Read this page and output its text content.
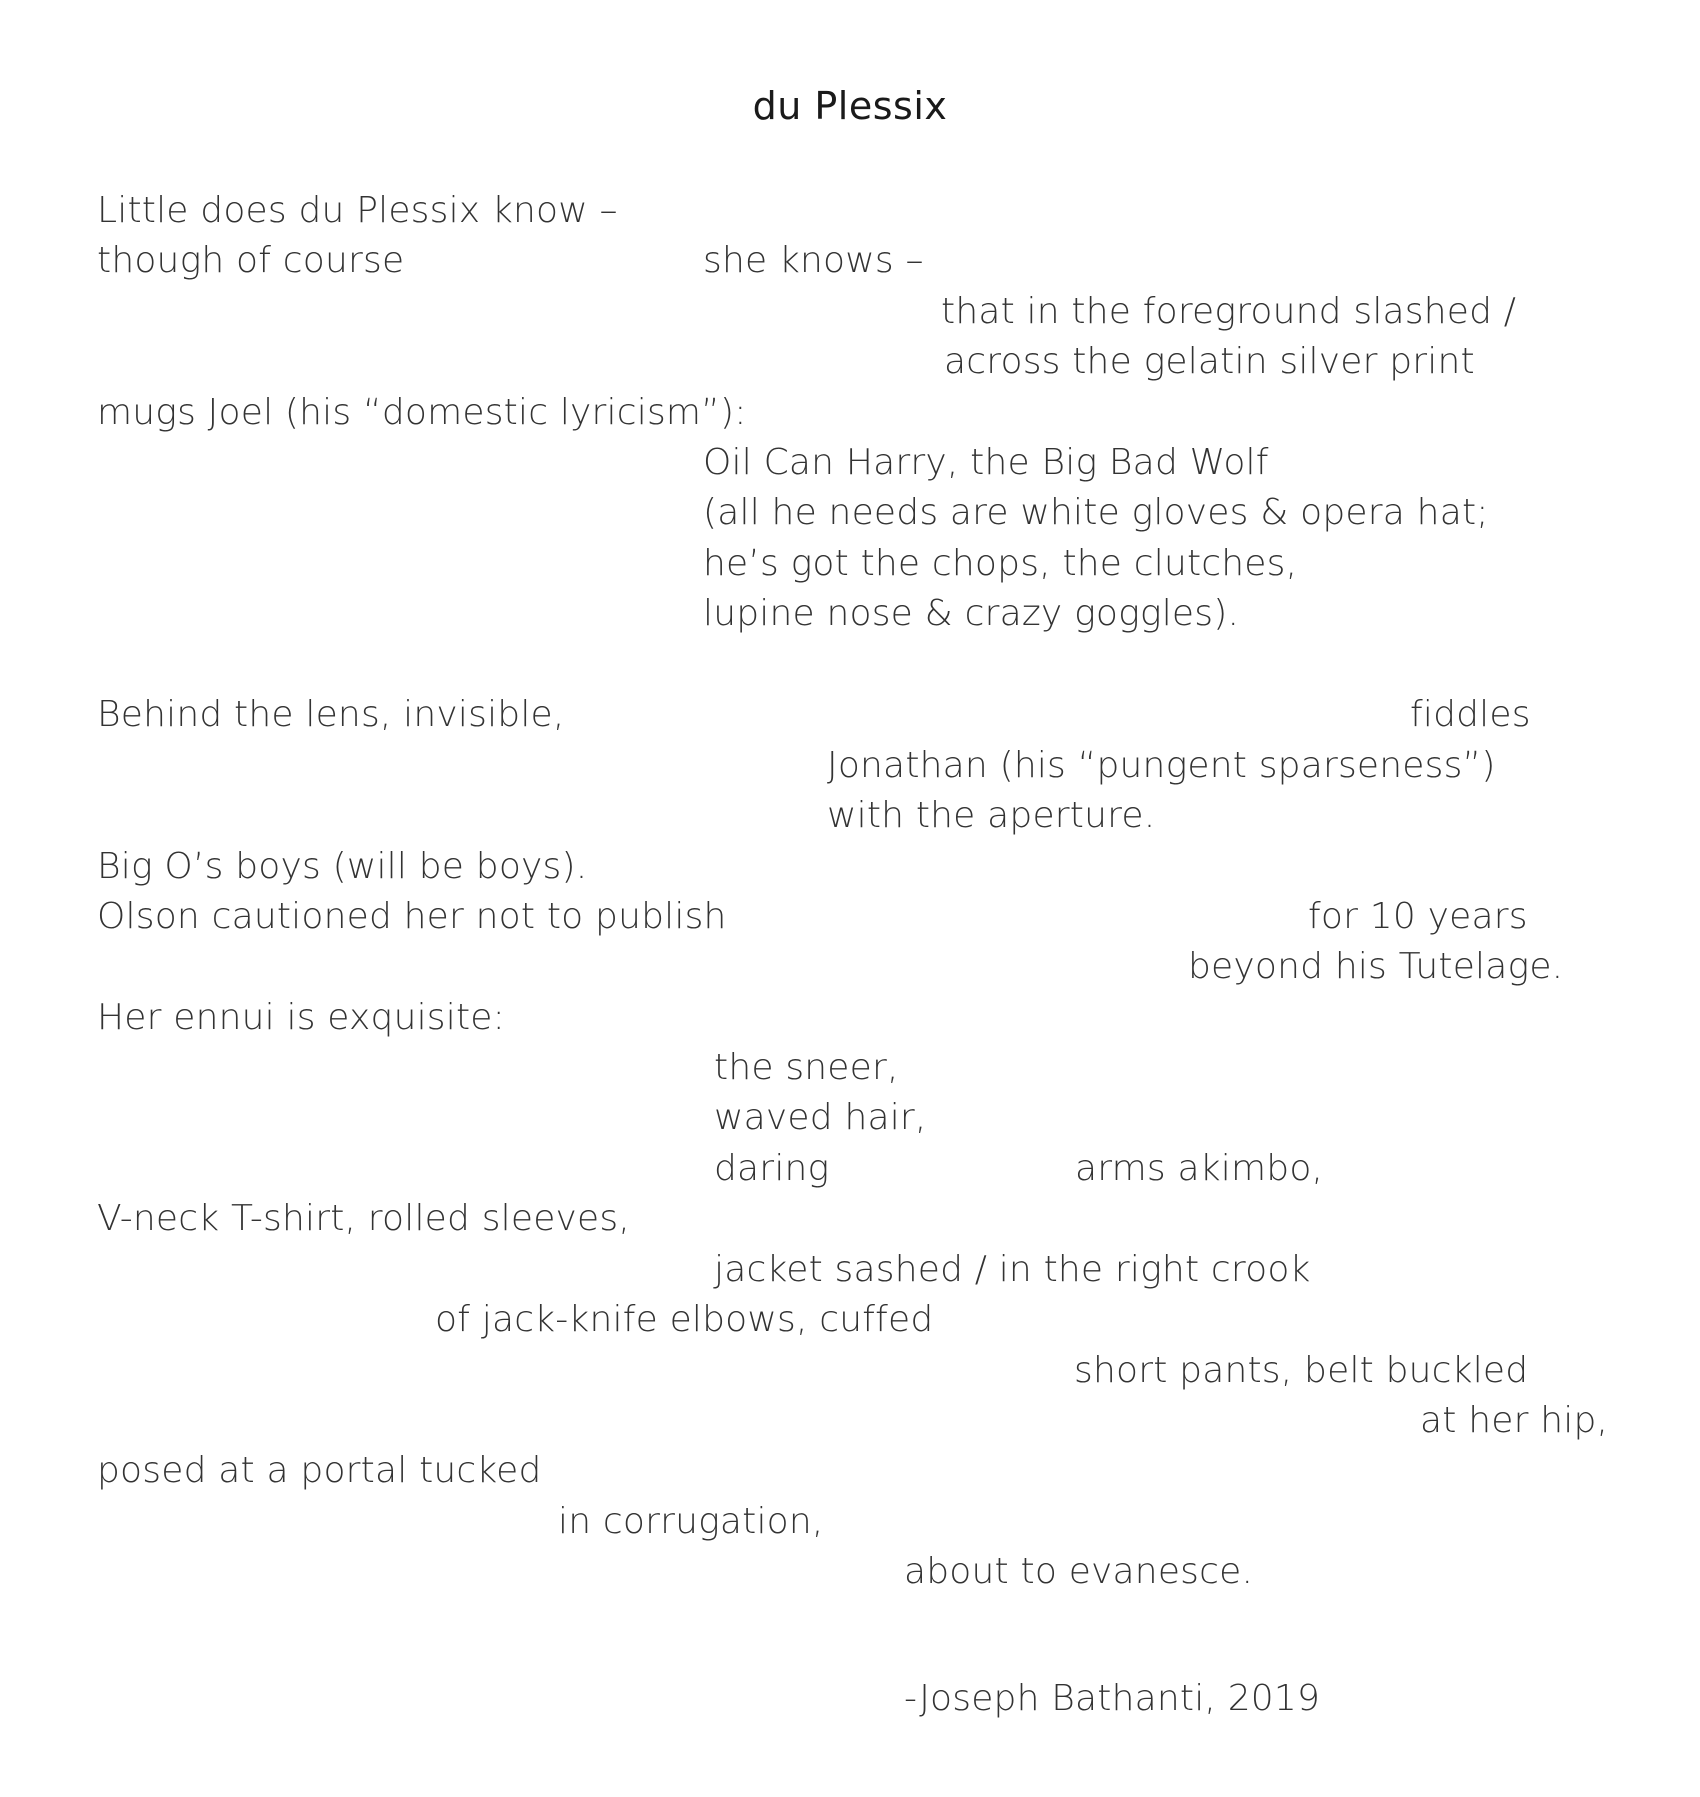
du Plessix
Little does du Plessix know –
though of course	she knows –
that in the foreground slashed /
across the gelatin silver print
mugs Joel (his “domestic lyricism”):
Oil Can Harry, the Big Bad Wolf
(all he needs are white gloves & opera hat;
he’s got the chops, the clutches,
lupine nose & crazy goggles).
Behind the lens, invisible,	fiddles
Jonathan (his “pungent sparseness”)
with the aperture.
Big O’s boys (will be boys).
Olson cautioned her not to publish	for 10 years
beyond his Tutelage.
Her ennui is exquisite:
the sneer,
waved hair,
daring	arms akimbo,
V-neck T-shirt, rolled sleeves,
jacket sashed / in the right crook
of jack-knife elbows, cuffed
short pants, belt buckled
at her hip,
posed at a portal tucked
in corrugation,
about to evanesce.
-Joseph Bathanti, 2019
